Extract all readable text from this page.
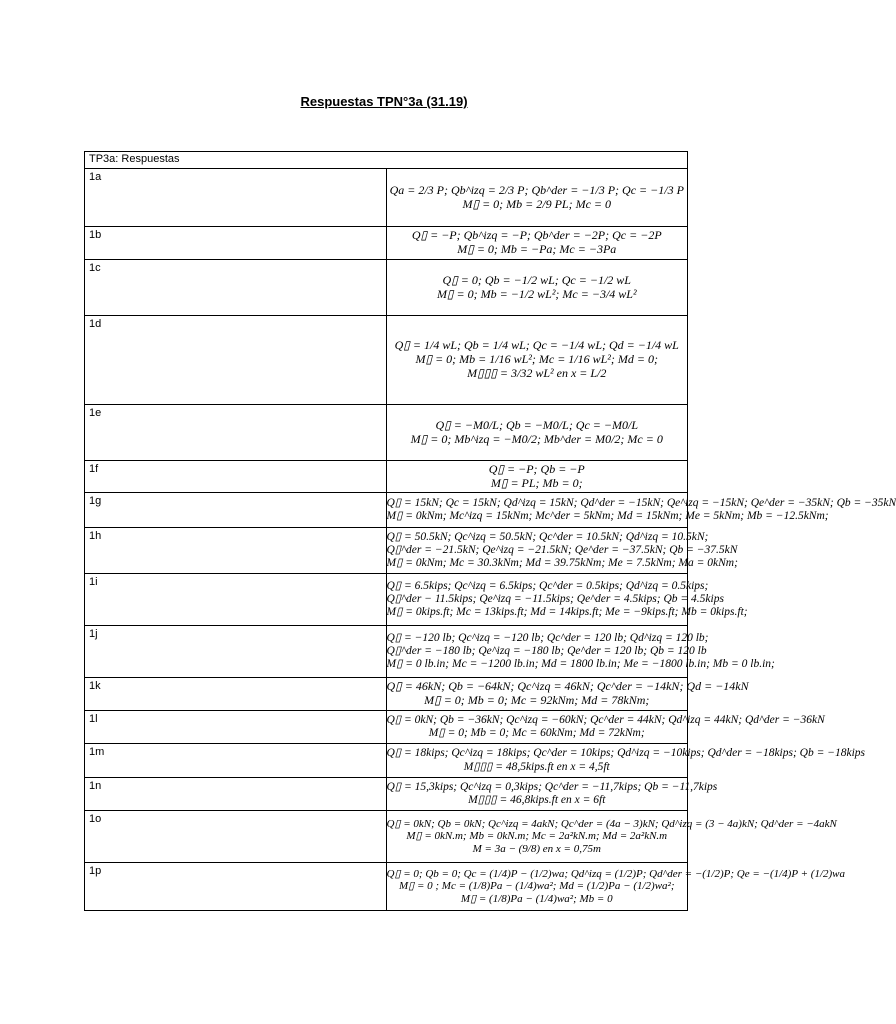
Respuestas TPN°3a (31.19)
TP3a: Respuestas	
1a	Qa = 2/3 P; Qb^izq = 2/3 P; Qb^der = −1/3 P; Qc = −1/3 P
M▯ = 0; Mb = 2/9 PL; Mc = 0

1b	Q▯ = −P; Qb^izq = −P; Qb^der = −2P; Qc = −2P
M▯ = 0; Mb = −Pa; Mc = −3Pa

1c	Q▯ = 0; Qb = −1/2 wL; Qc = −1/2 wL
M▯ = 0; Mb = −1/2 wL²; Mc = −3/4 wL²

1d	Q▯ = 1/4 wL; Qb = 1/4 wL; Qc = −1/4 wL; Qd = −1/4 wL
M▯ = 0; Mb = 1/16 wL²; Mc = 1/16 wL²; Md = 0;
M▯▯▯ = 3/32 wL² en x = L/2

1e	Q▯ = −M0/L; Qb = −M0/L; Qc = −M0/L
M▯ = 0; Mb^izq = −M0/2; Mb^der = M0/2; Mc = 0

1f	Q▯ = −P; Qb = −P
M▯ = PL; Mb = 0;

1g	Q▯ = 15kN; Qc = 15kN; Qd^izq = 15kN; Qd^der = −15kN; Qe^izq = −15kN; Qe^der = −35kN; Qb = −35kN
M▯ = 0kNm; Mc^izq = 15kNm; Mc^der = 5kNm; Md = 15kNm; Me = 5kNm; Mb = −12.5kNm;

1h	Q▯ = 50.5kN; Qc^izq = 50.5kN; Qc^der = 10.5kN; Qd^izq = 10.5kN;
Q▯^der = −21.5kN; Qe^izq = −21.5kN; Qe^der = −37.5kN; Qb = −37.5kN
M▯ = 0kNm; Mc = 30.3kNm; Md = 39.75kNm; Me = 7.5kNm; Ma = 0kNm;

1i	Q▯ = 6.5kips; Qc^izq = 6.5kips; Qc^der = 0.5kips; Qd^izq = 0.5kips;
Q▯^der − 11.5kips; Qe^izq = −11.5kips; Qe^der = 4.5kips; Qb = 4.5kips
M▯ = 0kips.ft; Mc = 13kips.ft; Md = 14kips.ft; Me = −9kips.ft; Mb = 0kips.ft;

1j	Q▯ = −120 lb; Qc^izq = −120 lb; Qc^der = 120 lb; Qd^izq = 120 lb;
Q▯^der = −180 lb; Qe^izq = −180 lb; Qe^der = 120 lb; Qb = 120 lb
M▯ = 0 lb.in; Mc = −1200 lb.in; Md = 1800 lb.in; Me = −1800 lb.in; Mb = 0 lb.in;

1k	Q▯ = 46kN; Qb = −64kN; Qc^izq = 46kN; Qc^der = −14kN; Qd = −14kN
M▯ = 0; Mb = 0; Mc = 92kNm; Md = 78kNm;

1l	Q▯ = 0kN; Qb = −36kN; Qc^izq = −60kN; Qc^der = 44kN; Qd^izq = 44kN; Qd^der = −36kN
M▯ = 0; Mb = 0; Mc = 60kNm; Md = 72kNm;

1m	Q▯ = 18kips; Qc^izq = 18kips; Qc^der = 10kips; Qd^izq = −10kips; Qd^der = −18kips; Qb = −18kips
M▯▯▯ = 48,5kips.ft en x = 4,5ft

1n	Q▯ = 15,3kips; Qc^izq = 0,3kips; Qc^der = −11,7kips; Qb = −11,7kips
M▯▯▯ = 46,8kips.ft en x = 6ft

1o	Q▯ = 0kN; Qb = 0kN; Qc^izq = 4akN; Qc^der = (4a − 3)kN; Qd^izq = (3 − 4a)kN; Qd^der = −4akN
M▯ = 0kN.m; Mb = 0kN.m; Mc = 2a²kN.m; Md = 2a²kN.m
M = 3a − (9/8) en x = 0,75m

1p	Q▯ = 0; Qb = 0; Qc = (1/4)P − (1/2)wa; Qd^izq = (1/2)P; Qd^der = −(1/2)P; Qe = −(1/4)P + (1/2)wa
M▯ = 0 ; Mc = (1/8)Pa − (1/4)wa²; Md = (1/2)Pa − (1/2)wa²;
M▯ = (1/8)Pa − (1/4)wa²; Mb = 0
